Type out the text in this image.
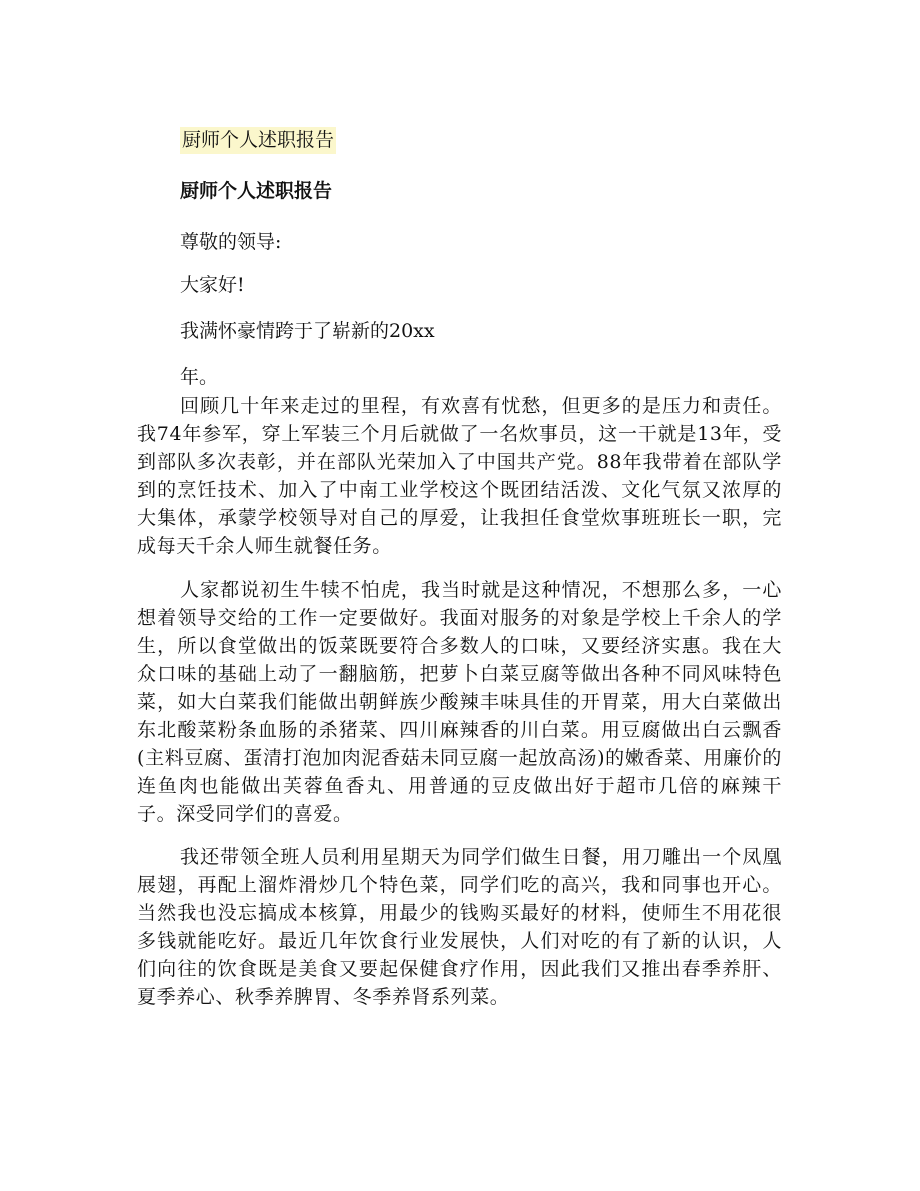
厨师个人述职报告
厨师个人述职报告
尊敬的领导:
大家好!
我满怀豪情跨于了崭新的20xx
年。

回顾几十年来走过的里程，有欢喜有忧愁，但更多的是压力和责任。我74年参军，穿上军装三个月后就做了一名炊事员，这一干就是13年，受到部队多次表彰，并在部队光荣加入了中国共产党。88年我带着在部队学到的烹饪技术、加入了中南工业学校这个既团结活泼、文化气氛又浓厚的大集体，承蒙学校领导对自己的厚爱，让我担任食堂炊事班班长一职，完成每天千余人师生就餐任务。

人家都说初生牛犊不怕虎，我当时就是这种情况，不想那么多，一心想着领导交给的工作一定要做好。我面对服务的对象是学校上千余人的学生，所以食堂做出的饭菜既要符合多数人的口味，又要经济实惠。我在大众口味的基础上动了一翻脑筋，把萝卜白菜豆腐等做出各种不同风味特色菜，如大白菜我们能做出朝鲜族少酸辣丰味具佳的开胃菜，用大白菜做出东北酸菜粉条血肠的杀猪菜、四川麻辣香的川白菜。用豆腐做出白云飘香(主料豆腐、蛋清打泡加肉泥香菇未同豆腐一起放高汤)的嫩香菜、用廉价的连鱼肉也能做出芙蓉鱼香丸、用普通的豆皮做出好于超市几倍的麻辣干子。深受同学们的喜爱。

我还带领全班人员利用星期天为同学们做生日餐，用刀雕出一个凤凰展翅，再配上溜炸滑炒几个特色菜，同学们吃的高兴，我和同事也开心。当然我也没忘搞成本核算，用最少的钱购买最好的材料，使师生不用花很多钱就能吃好。最近几年饮食行业发展快，人们对吃的有了新的认识，人们向往的饮食既是美食又要起保健食疗作用，因此我们又推出春季养肝、夏季养心、秋季养脾胃、冬季养肾系列菜。
